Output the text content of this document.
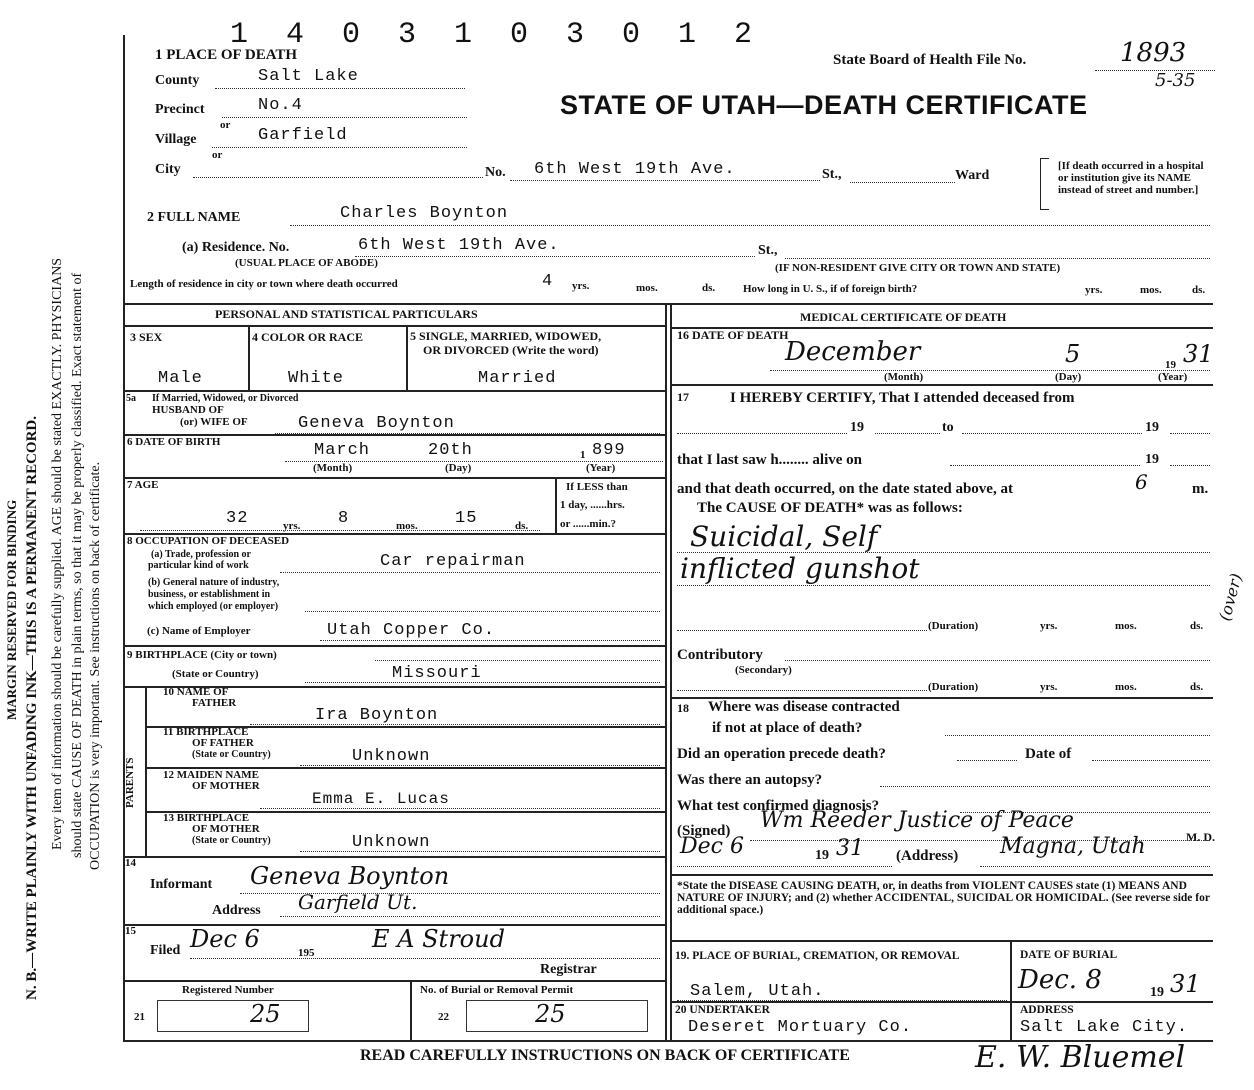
MARGIN RESERVED FOR BINDING N. B.—WRITE PLAINLY WITH UNFADING INK—THIS IS A PERMANENT RECORD. Every item of information should be carefully supplied. AGE should be stated EXACTLY. PHYSICIANS should state CAUSE OF DEATH in plain terms, so that it may be properly classified. Exact statement of OCCUPATION is very important. See instructions on back of certificate.
1 4 0 3 1 0 3 0 1 2
State Board of Health File No.	1893
5-35
STATE OF UTAH—DEATH CERTIFICATE
1 PLACE OF DEATH
County	Salt Lake
Precinct	No.4
or
Village	Garfield
or
City	No. 6th West 19th Ave.	St.,	Ward
[If death occurred in a hospital or institution give its NAME instead of street and number.]
2 FULL NAME	Charles Boynton
(a) Residence. No.	6th West 19th Ave.	St.,
(USUAL PLACE OF ABODE)	(IF NON-RESIDENT GIVE CITY OR TOWN AND STATE)
Length of residence in city or town where death occurred	4 yrs.	mos.	ds.	How long in U. S., if of foreign birth?	yrs.	mos.	ds.
PERSONAL AND STATISTICAL PARTICULARS
3 SEX	4 COLOR OR RACE	5 SINGLE, MARRIED, WIDOWED,
OR DIVORCED (Write the word)
Male	White	Married
5a If Married, Widowed, or Divorced
HUSBAND OF
(or) WIFE OF	Geneva Boynton
6 DATE OF BIRTH	March	20th	1 899
(Month)	(Day)	(Year)
7 AGE
32	yrs. 8	mos. 15	ds.
If LESS than
1 day, ......hrs.
or ......min.?
8 OCCUPATION OF DECEASED
(a) Trade, profession or
particular kind of work	Car repairman
(b) General nature of industry,
business, or establishment in
which employed (or employer)
(c) Name of Employer	Utah Copper Co.
9 BIRTHPLACE (City or town)
(State or Country)	Missouri
PARENTS
10 NAME OF
FATHER
Ira Boynton
11 BIRTHPLACE
OF FATHER
(State or Country)	Unknown
12 MAIDEN NAME
OF MOTHER
Emma E. Lucas
13 BIRTHPLACE
OF MOTHER
(State or Country)	Unknown
14
Informant Geneva Boynton
Address Garfield Ut.
15
Filed Dec 6	195 E A Stroud
Registrar
Registered Number	No. of Burial or Removal Permit
21	25	22	25
MEDICAL CERTIFICATE OF DEATH
16 DATE OF DEATH
December	5	19 31
(Month)	(Day)	(Year)
17	I HEREBY CERTIFY, That I attended deceased from
19	to	19
that I last saw h........ alive on	19
and that death occurred, on the date stated above, at	6	m.
The CAUSE OF DEATH* was as follows:
Suicidal, Self
inflicted gunshot
(Duration)	yrs.	mos.	ds.
Contributory
(Secondary)
(Duration)	yrs.	mos.	ds.
(over)
18 Where was disease contracted
if not at place of death?
Did an operation precede death?	Date of
Was there an autopsy?
What test confirmed diagnosis?
(Signed) Wm Reeder Justice of Peace
M. D.
Dec 6	19 31 (Address) Magna, Utah
*State the DISEASE CAUSING DEATH, or, in deaths from VIOLENT CAUSES state (1) MEANS AND NATURE OF INJURY; and (2) whether ACCIDENTAL, SUICIDAL OR HOMICIDAL. (See reverse side for additional space.)
19. PLACE OF BURIAL, CREMATION, OR REMOVAL	DATE OF BURIAL
Salem, Utah.	Dec. 8	19 31
20 UNDERTAKER
Deseret Mortuary Co.
ADDRESS
Salt Lake City.
READ CAREFULLY INSTRUCTIONS ON BACK OF CERTIFICATE	E. W. Bluemel
